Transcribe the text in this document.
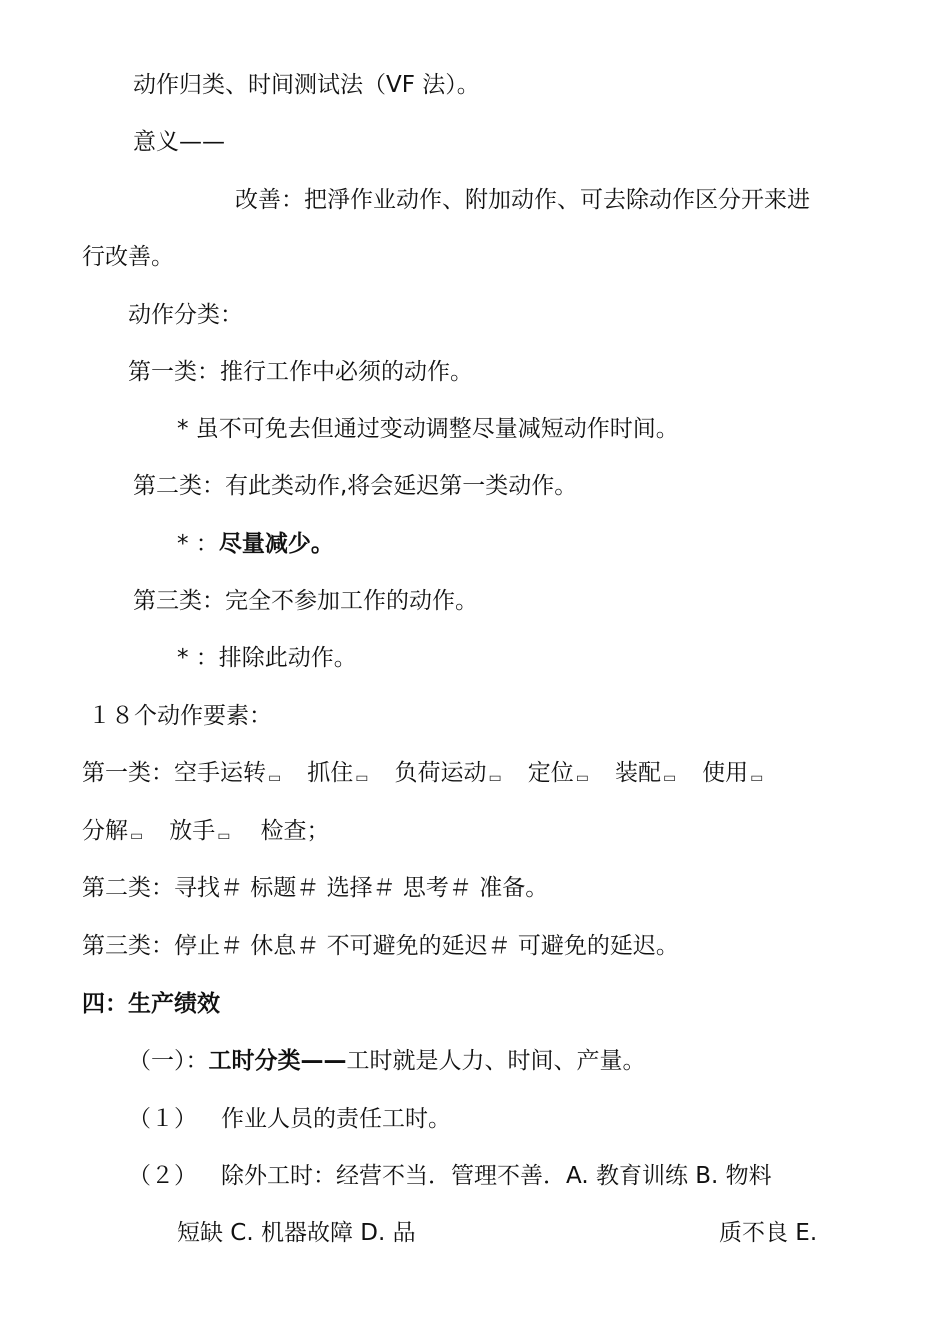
动作归类、时间测试法（VF 法）。
意义——
改善：把淨作业动作、附加动作、可去除动作区分开来进
行改善。
动作分类：
第一类：推行工作中必须的动作。
* 虽不可免去但通过变动调整尽量减短动作时间。
第二类：有此类动作,将会延迟第一类动作。
* ：尽量减少。
第三类：完全不参加工作的动作。
* ：排除此动作。
１８个动作要素：
第一类：空手运转 ▭ 抓住 ▭ 负荷运动 ▭ 定位 ▭ 装配 ▭ 使用 ▭
分解 ▭ 放手 ▭ 检查；
第二类：寻找＃ 标题＃ 选择＃ 思考＃ 准备。
第三类：停止＃ 休息＃ 不可避免的延迟＃ 可避免的延迟。
四：生产绩效
（一）：工时分类——工时就是人力、时间、产量。
（１） 作业人员的责任工时。
（２） 除外工时：经营不当．管理不善．A. 教育训练 B. 物料
短缺 C. 机器故障 D. 品	质不良 E.
